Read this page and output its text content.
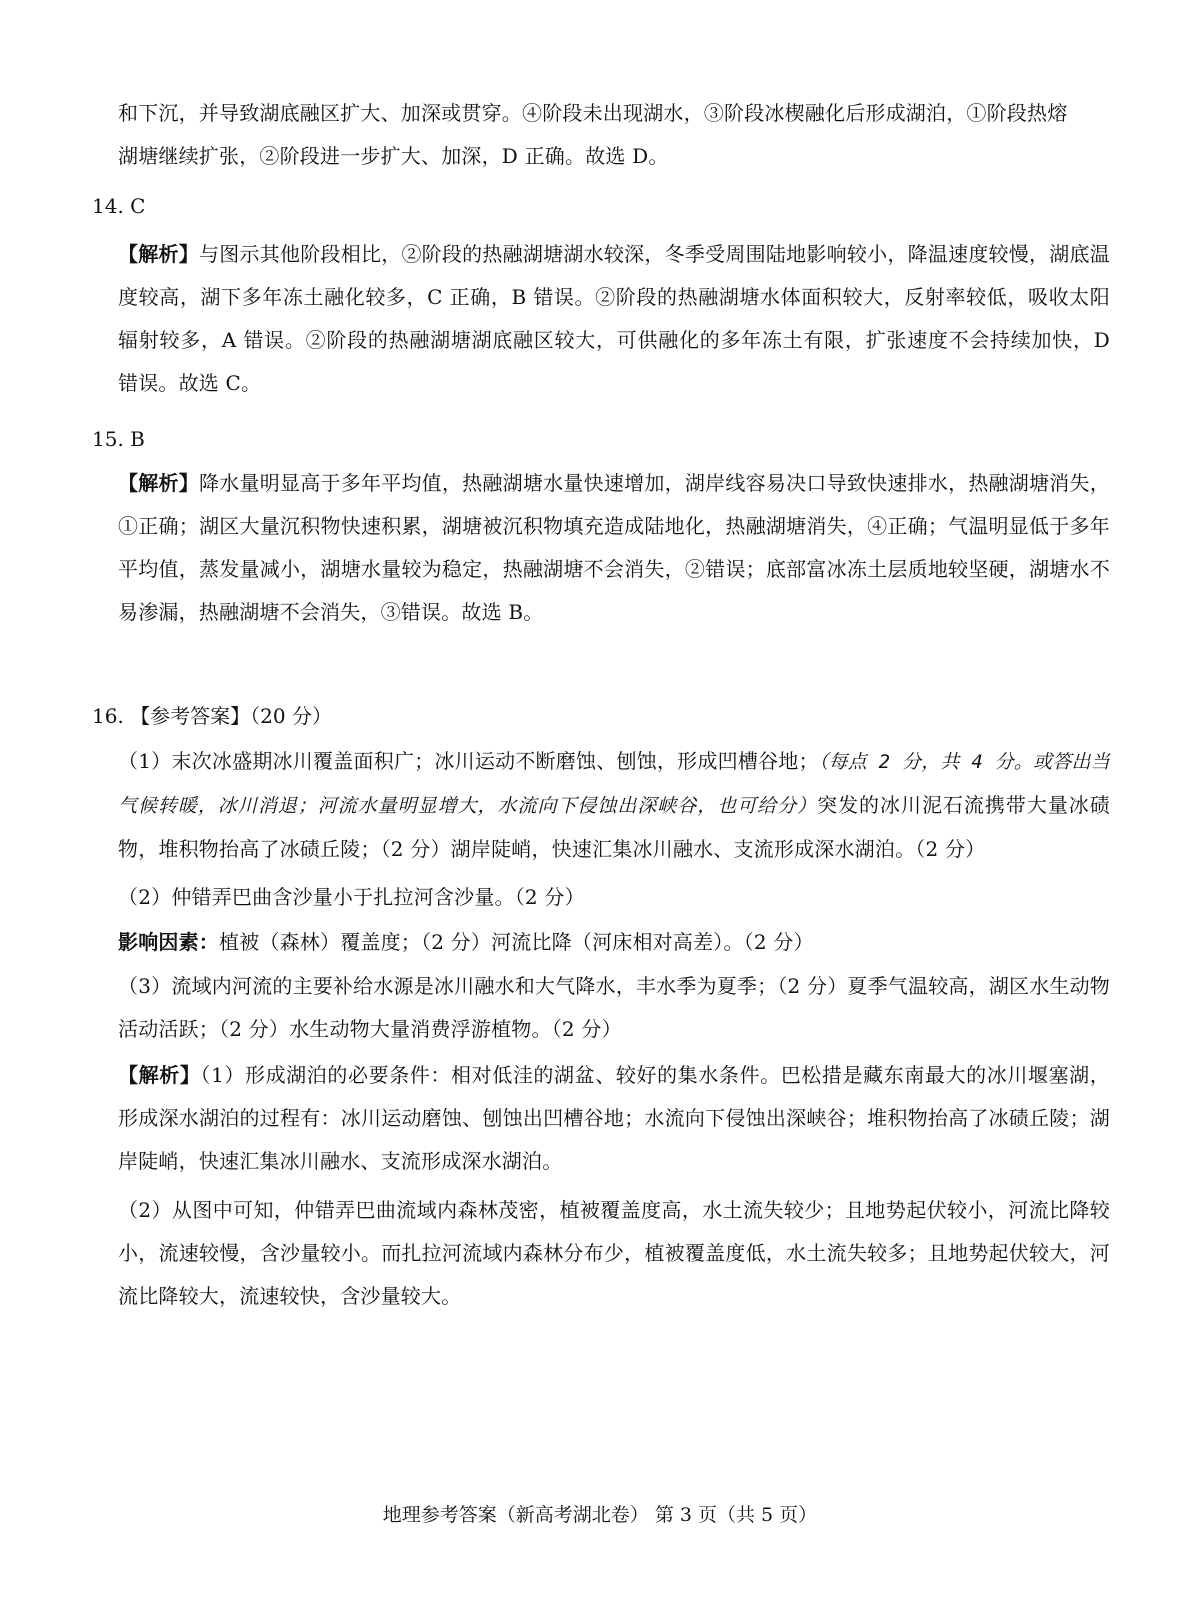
和下沉，并导致湖底融区扩大、加深或贯穿。④阶段未出现湖水，③阶段冰楔融化后形成湖泊，①阶段热熔

湖塘继续扩张，②阶段进一步扩大、加深，D 正确。故选 D。

14. C

【解析】与图示其他阶段相比，②阶段的热融湖塘湖水较深，冬季受周围陆地影响较小，降温速度较慢，湖底温度较高，湖下多年冻土融化较多，C 正确，B 错误。②阶段的热融湖塘水体面积较大，反射率较低，吸收太阳辐射较多，A 错误。②阶段的热融湖塘湖底融区较大，可供融化的多年冻土有限，扩张速度不会持续加快，D 错误。故选 C。

15. B

【解析】降水量明显高于多年平均值，热融湖塘水量快速增加，湖岸线容易决口导致快速排水，热融湖塘消失，①正确；湖区大量沉积物快速积累，湖塘被沉积物填充造成陆地化，热融湖塘消失，④正确；气温明显低于多年平均值，蒸发量减小，湖塘水量较为稳定，热融湖塘不会消失，②错误；底部富冰冻土层质地较坚硬，湖塘水不易渗漏，热融湖塘不会消失，③错误。故选 B。

16. 【参考答案】（20 分）

（1）末次冰盛期冰川覆盖面积广；冰川运动不断磨蚀、刨蚀，形成凹槽谷地；（每点 2 分，共 4 分。或答出当气候转暖，冰川消退；河流水量明显增大，水流向下侵蚀出深峡谷，也可给分）突发的冰川泥石流携带大量冰碛物，堆积物抬高了冰碛丘陵；（2 分）湖岸陡峭，快速汇集冰川融水、支流形成深水湖泊。（2 分）

（2）仲错弄巴曲含沙量小于扎拉河含沙量。（2 分）

影响因素：植被（森林）覆盖度；（2 分）河流比降（河床相对高差）。（2 分）

（3）流域内河流的主要补给水源是冰川融水和大气降水，丰水季为夏季；（2 分）夏季气温较高，湖区水生动物活动活跃；（2 分）水生动物大量消费浮游植物。（2 分）

【解析】（1）形成湖泊的必要条件：相对低洼的湖盆、较好的集水条件。巴松措是藏东南最大的冰川堰塞湖，形成深水湖泊的过程有：冰川运动磨蚀、刨蚀出凹槽谷地；水流向下侵蚀出深峡谷；堆积物抬高了冰碛丘陵；湖岸陡峭，快速汇集冰川融水、支流形成深水湖泊。

（2）从图中可知，仲错弄巴曲流域内森林茂密，植被覆盖度高，水土流失较少；且地势起伏较小，河流比降较小，流速较慢，含沙量较小。而扎拉河流域内森林分布少，植被覆盖度低，水土流失较多；且地势起伏较大，河流比降较大，流速较快，含沙量较大。

地理参考答案（新高考湖北卷） 第 3 页（共 5 页）
